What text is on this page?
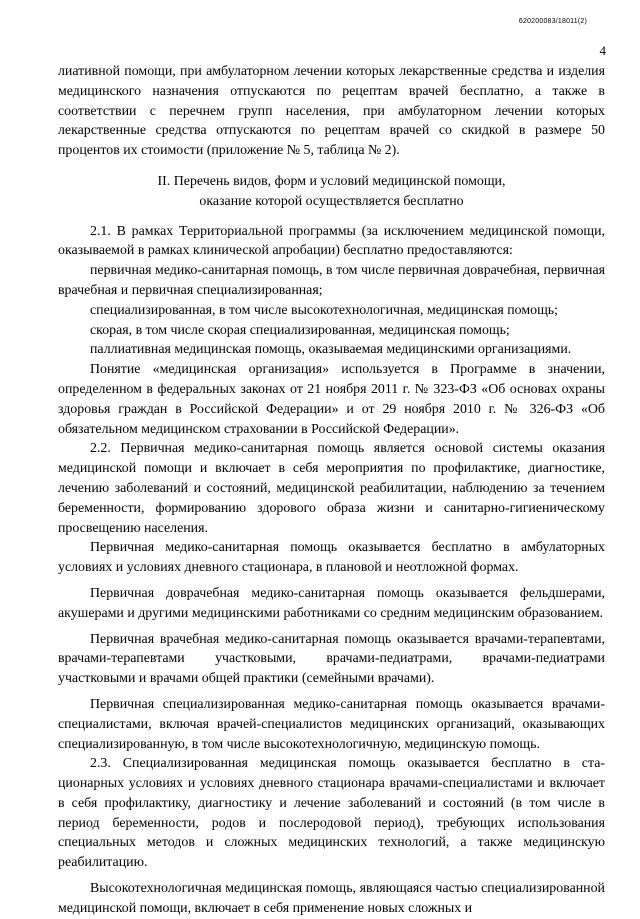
620200083/18011(2)
4

лиативной помощи, при амбулаторном лечении которых лекарственные средства и изделия медицинского назначения отпускаются по рецептам врачей бесплатно, а также в соответствии с перечнем групп населения, при амбулаторном лечении которых лекарственные средства отпускаются по рецептам врачей со скидкой в размере 50 процентов их стоимости (приложение № 5, таблица № 2).

II. Перечень видов, форм и условий медицинской помощи,
оказание которой осуществляется бесплатно

2.1. В рамках Территориальной программы (за исключением медицинской помощи, оказываемой в рамках клинической апробации) бесплатно предоставляются:

первичная медико-санитарная помощь, в том числе первичная доврачебная, первичная врачебная и первичная специализированная;

специализированная, в том числе высокотехнологичная, медицинская помощь;

скорая, в том числе скорая специализированная, медицинская помощь;

паллиативная медицинская помощь, оказываемая медицинскими организациями.

Понятие «медицинская организация» используется в Программе в значении, определенном в федеральных законах от 21 ноября 2011 г. № 323-ФЗ «Об основах охраны здоровья граждан в Российской Федерации» и от 29 ноября 2010 г. № 326-ФЗ «Об обязательном медицинском страховании в Российской Федерации».

2.2. Первичная медико-санитарная помощь является основой системы оказания медицинской помощи и включает в себя мероприятия по профилактике, диагностике, лечению заболеваний и состояний, медицинской реабилитации, наблюдению за течением беременности, формированию здорового образа жизни и санитарно-гигиеническому просвещению населения.

Первичная медико-санитарная помощь оказывается бесплатно в амбулаторных условиях и условиях дневного стационара, в плановой и неотложной формах.

Первичная доврачебная медико-санитарная помощь оказывается фельдшерами, акушерами и другими медицинскими работниками со средним медицинским образованием.

Первичная врачебная медико-санитарная помощь оказывается врачами-терапевтами, врачами-терапевтами участковыми, врачами-педиатрами, врачами-педиатрами участковыми и врачами общей практики (семейными врачами).

Первичная специализированная медико-санитарная помощь оказывается врачами-специалистами, включая врачей-специалистов медицинских организаций, оказывающих специализированную, в том числе высокотехнологичную, медицинскую помощь.

2.3. Специализированная медицинская помощь оказывается бесплатно в стационарных условиях и условиях дневного стационара врачами-специалистами и включает в себя профилактику, диагностику и лечение заболеваний и состояний (в том числе в период беременности, родов и послеродовой период), требующих использования специальных методов и сложных медицинских технологий, а также медицинскую реабилитацию.

Высокотехнологичная медицинская помощь, являющаяся частью специализированной медицинской помощи, включает в себя применение новых сложных и
